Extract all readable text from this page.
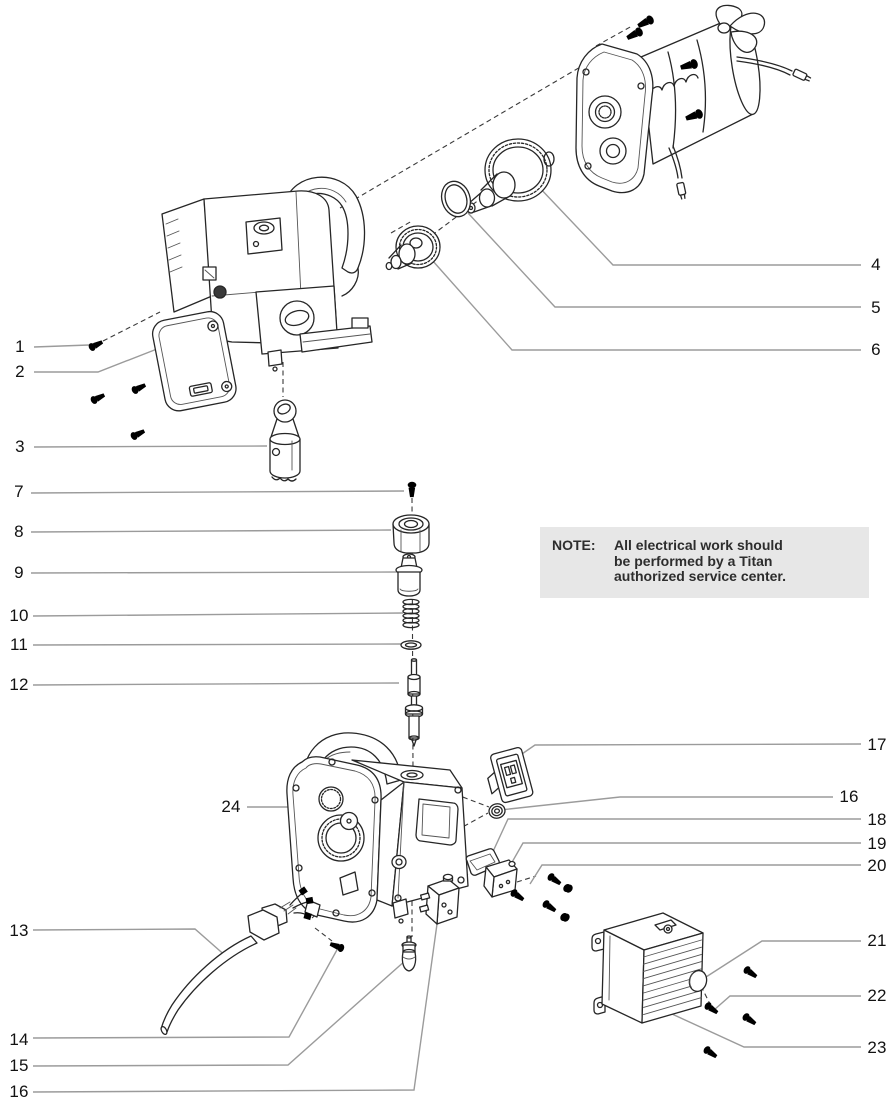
1
2
3
4
5
6
7
8
9
10
11
12
13
14
15
16
16
17
18
19
20
21
22
23
24
NOTE:	All electrical work should
be performed by a Titan
authorized service center.
